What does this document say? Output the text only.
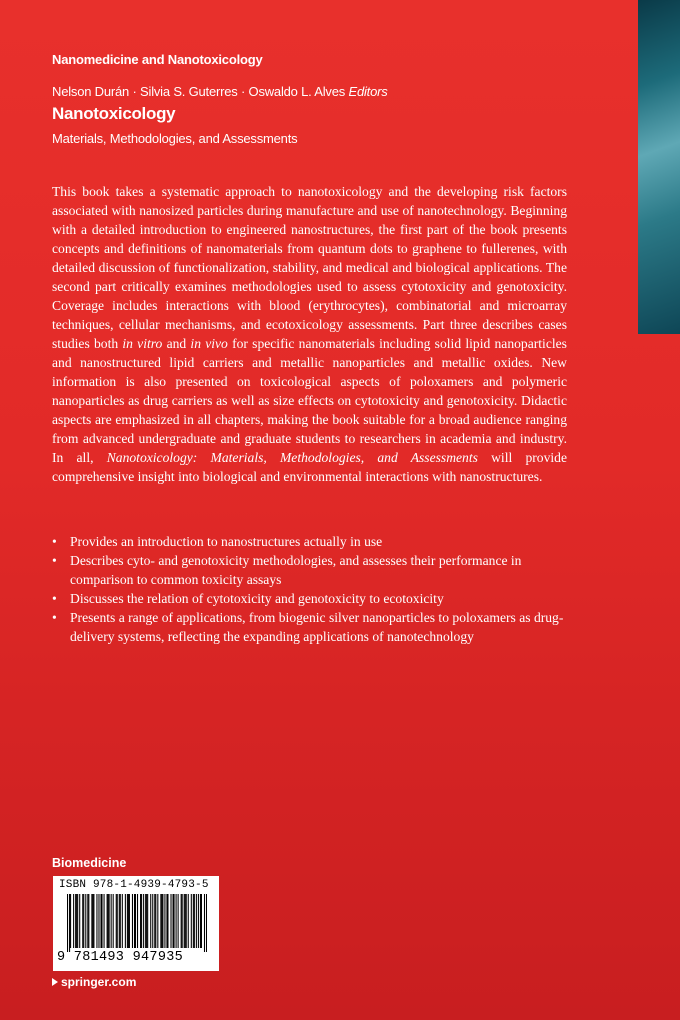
Nanomedicine and Nanotoxicology
Nelson Durán · Silvia S. Guterres · Oswaldo L. Alves Editors
Nanotoxicology
Materials, Methodologies, and Assessments

This book takes a systematic approach to nanotoxicology and the developing risk factors associated with nanosized particles during manufacture and use of nanotechnology. Beginning with a detailed introduction to engineered nanostructures, the first part of the book presents concepts and definitions of nanomaterials from quantum dots to graphene to fullerenes, with detailed discussion of functionalization, stability, and medical and biological applications. The second part critically examines methodologies used to assess cytotoxicity and genotoxicity. Coverage includes interactions with blood (erythrocytes), combinatorial and microarray techniques, cellular mechanisms, and ecotoxicology assessments. Part three describes cases studies both in vitro and in vivo for specific nanomaterials including solid lipid nanoparticles and nanostructured lipid carriers and metallic nanoparticles and metallic oxides. New information is also presented on toxicological aspects of poloxamers and polymeric nanoparticles as drug carriers as well as size effects on cytotoxicity and genotoxicity. Didactic aspects are emphasized in all chapters, making the book suitable for a broad audience ranging from advanced undergraduate and graduate students to researchers in academia and industry. In all, Nanotoxicology: Materials, Methodologies, and Assessments will provide comprehensive insight into biological and environmental interactions with nanostructures.

• Provides an introduction to nanostructures actually in use
• Describes cyto- and genotoxicity methodologies, and assesses their performance in comparison to common toxicity assays
• Discusses the relation of cytotoxicity and genotoxicity to ecotoxicity
• Presents a range of applications, from biogenic silver nanoparticles to poloxamers as drug-delivery systems, reflecting the expanding applications of nanotechnology
Biomedicine
ISBN 978-1-4939-4793-5
9 781493 947935
springer.com
